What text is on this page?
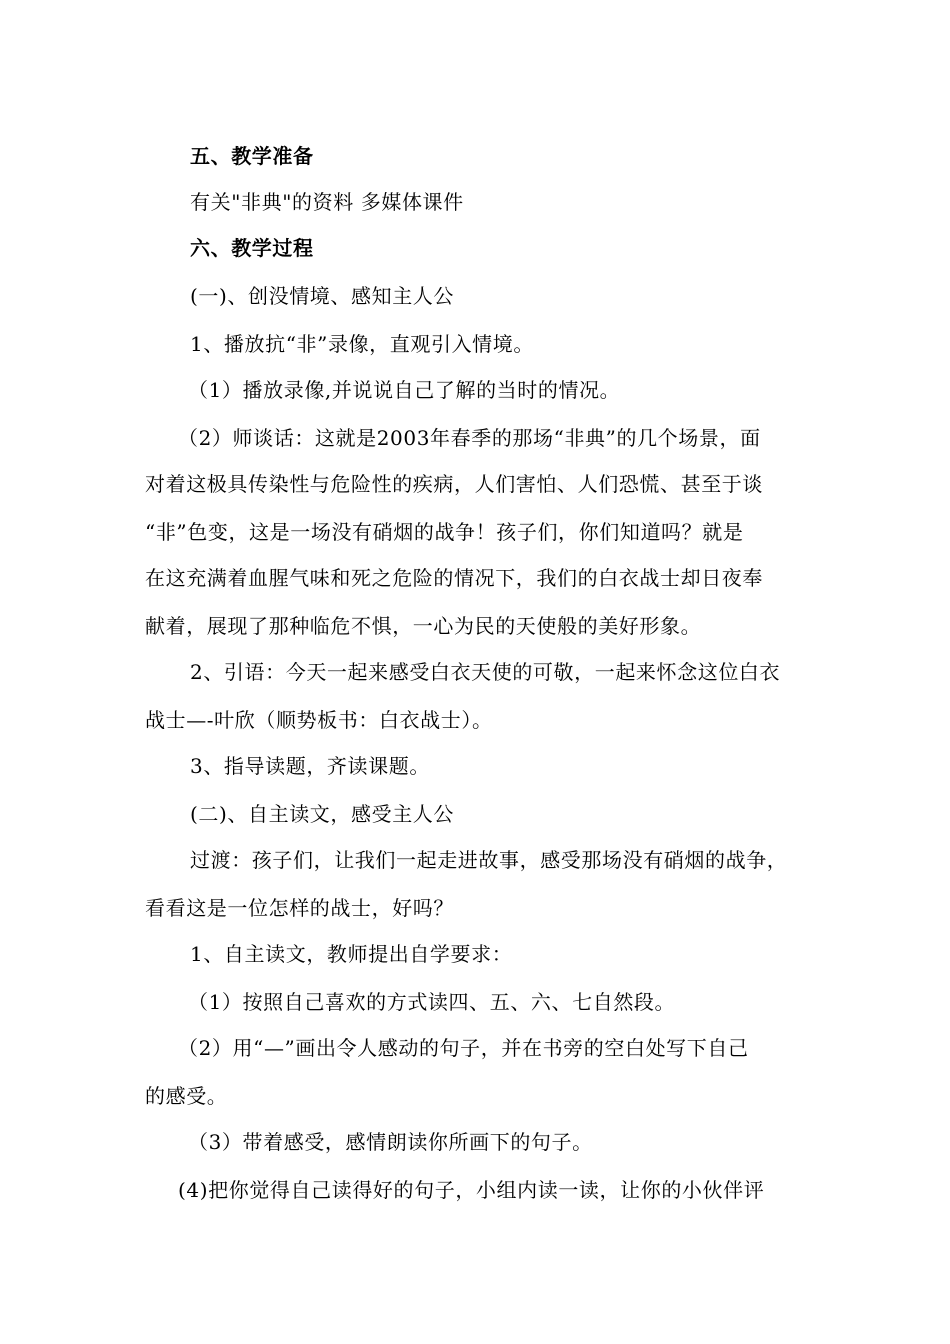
五、教学准备
有关"非典"的资料 多媒体课件
六、教学过程
(一)、创没情境、感知主人公
1、播放抗“非”录像，直观引入情境。
（1）播放录像,并说说自己了解的当时的情况。
（2）师谈话：这就是2003年春季的那场“非典”的几个场景，面
对着这极具传染性与危险性的疾病，人们害怕、人们恐慌、甚至于谈
“非”色变，这是一场没有硝烟的战争！孩子们，你们知道吗？就是
在这充满着血腥气味和死之危险的情况下，我们的白衣战士却日夜奉
献着，展现了那种临危不惧，一心为民的天使般的美好形象。
2、引语：今天一起来感受白衣天使的可敬，一起来怀念这位白衣
战士—-叶欣（顺势板书：白衣战士）。
3、指导读题，齐读课题。
(二)、自主读文，感受主人公
过渡：孩子们，让我们一起走进故事，感受那场没有硝烟的战争，
看看这是一位怎样的战士，好吗？
1、自主读文，教师提出自学要求：
（1）按照自己喜欢的方式读四、五、六、七自然段。
（2）用“—”画出令人感动的句子，并在书旁的空白处写下自己
的感受。
（3）带着感受，感情朗读你所画下的句子。
(4)把你觉得自己读得好的句子，小组内读一读，让你的小伙伴评
